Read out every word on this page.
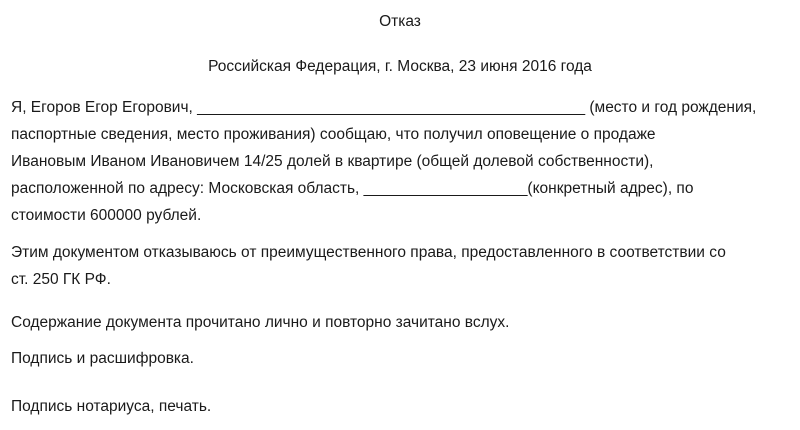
Отказ
Российская Федерация, г. Москва, 23 июня 2016 года
Я, Егоров Егор Егорович, _____________________________________________ (место и год рождения,
паспортные сведения, место проживания) сообщаю, что получил оповещение о продаже
Ивановым Иваном Ивановичем 14/25 долей в квартире (общей долевой собственности),
расположенной по адресу: Московская область, ___________________(конкретный адрес), по
стоимости 600000 рублей.
Этим документом отказываюсь от преимущественного права, предоставленного в соответствии со
ст. 250 ГК РФ.
Содержание документа прочитано лично и повторно зачитано вслух.
Подпись и расшифровка.
Подпись нотариуса, печать.
